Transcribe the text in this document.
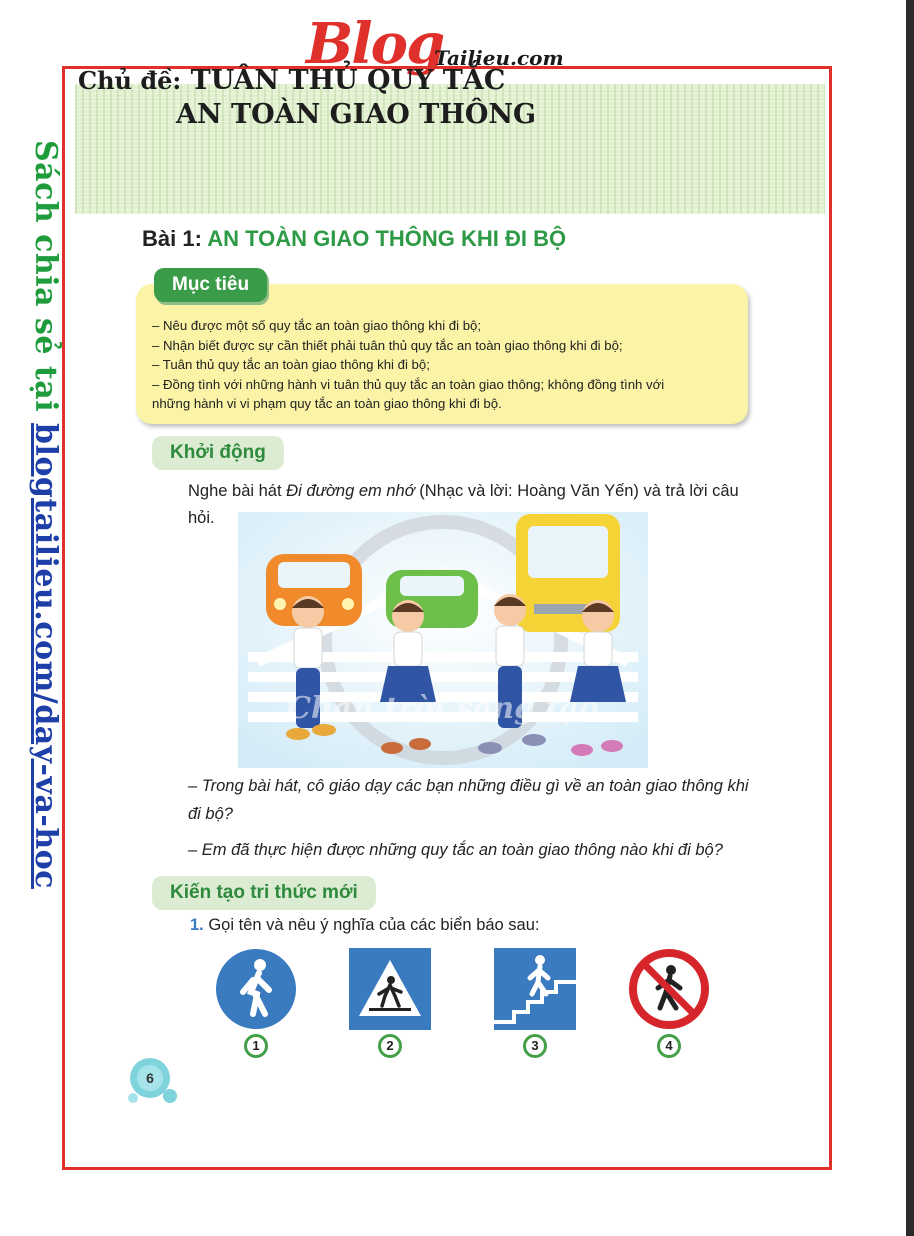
Blog
Tailieu.com
Sách chia sẻ tại blogtailieu.com/day-va-hoc
Chủ đề: TUÂN THỦ QUY TẮC
AN TOÀN GIAO THÔNG
Bài 1: AN TOÀN GIAO THÔNG KHI ĐI BỘ
– Nêu được một số quy tắc an toàn giao thông khi đi bộ;
– Nhận biết được sự cần thiết phải tuân thủ quy tắc an toàn giao thông khi đi bộ;
– Tuân thủ quy tắc an toàn giao thông khi đi bộ;
– Đồng tình với những hành vi tuân thủ quy tắc an toàn giao thông; không đồng tình với
những hành vi vi phạm quy tắc an toàn giao thông khi đi bộ.
Mục tiêu
Khởi động
Nghe bài hát Đi đường em nhớ (Nhạc và lời: Hoàng Văn Yến) và trả lời câu hỏi.
Chân trời sáng tạo
– Trong bài hát, cô giáo dạy các bạn những điều gì về an toàn giao thông khi đi bộ?
– Em đã thực hiện được những quy tắc an toàn giao thông nào khi đi bộ?
Kiến tạo tri thức mới
1. Gọi tên và nêu ý nghĩa của các biển báo sau:
1	2	3	4
6
